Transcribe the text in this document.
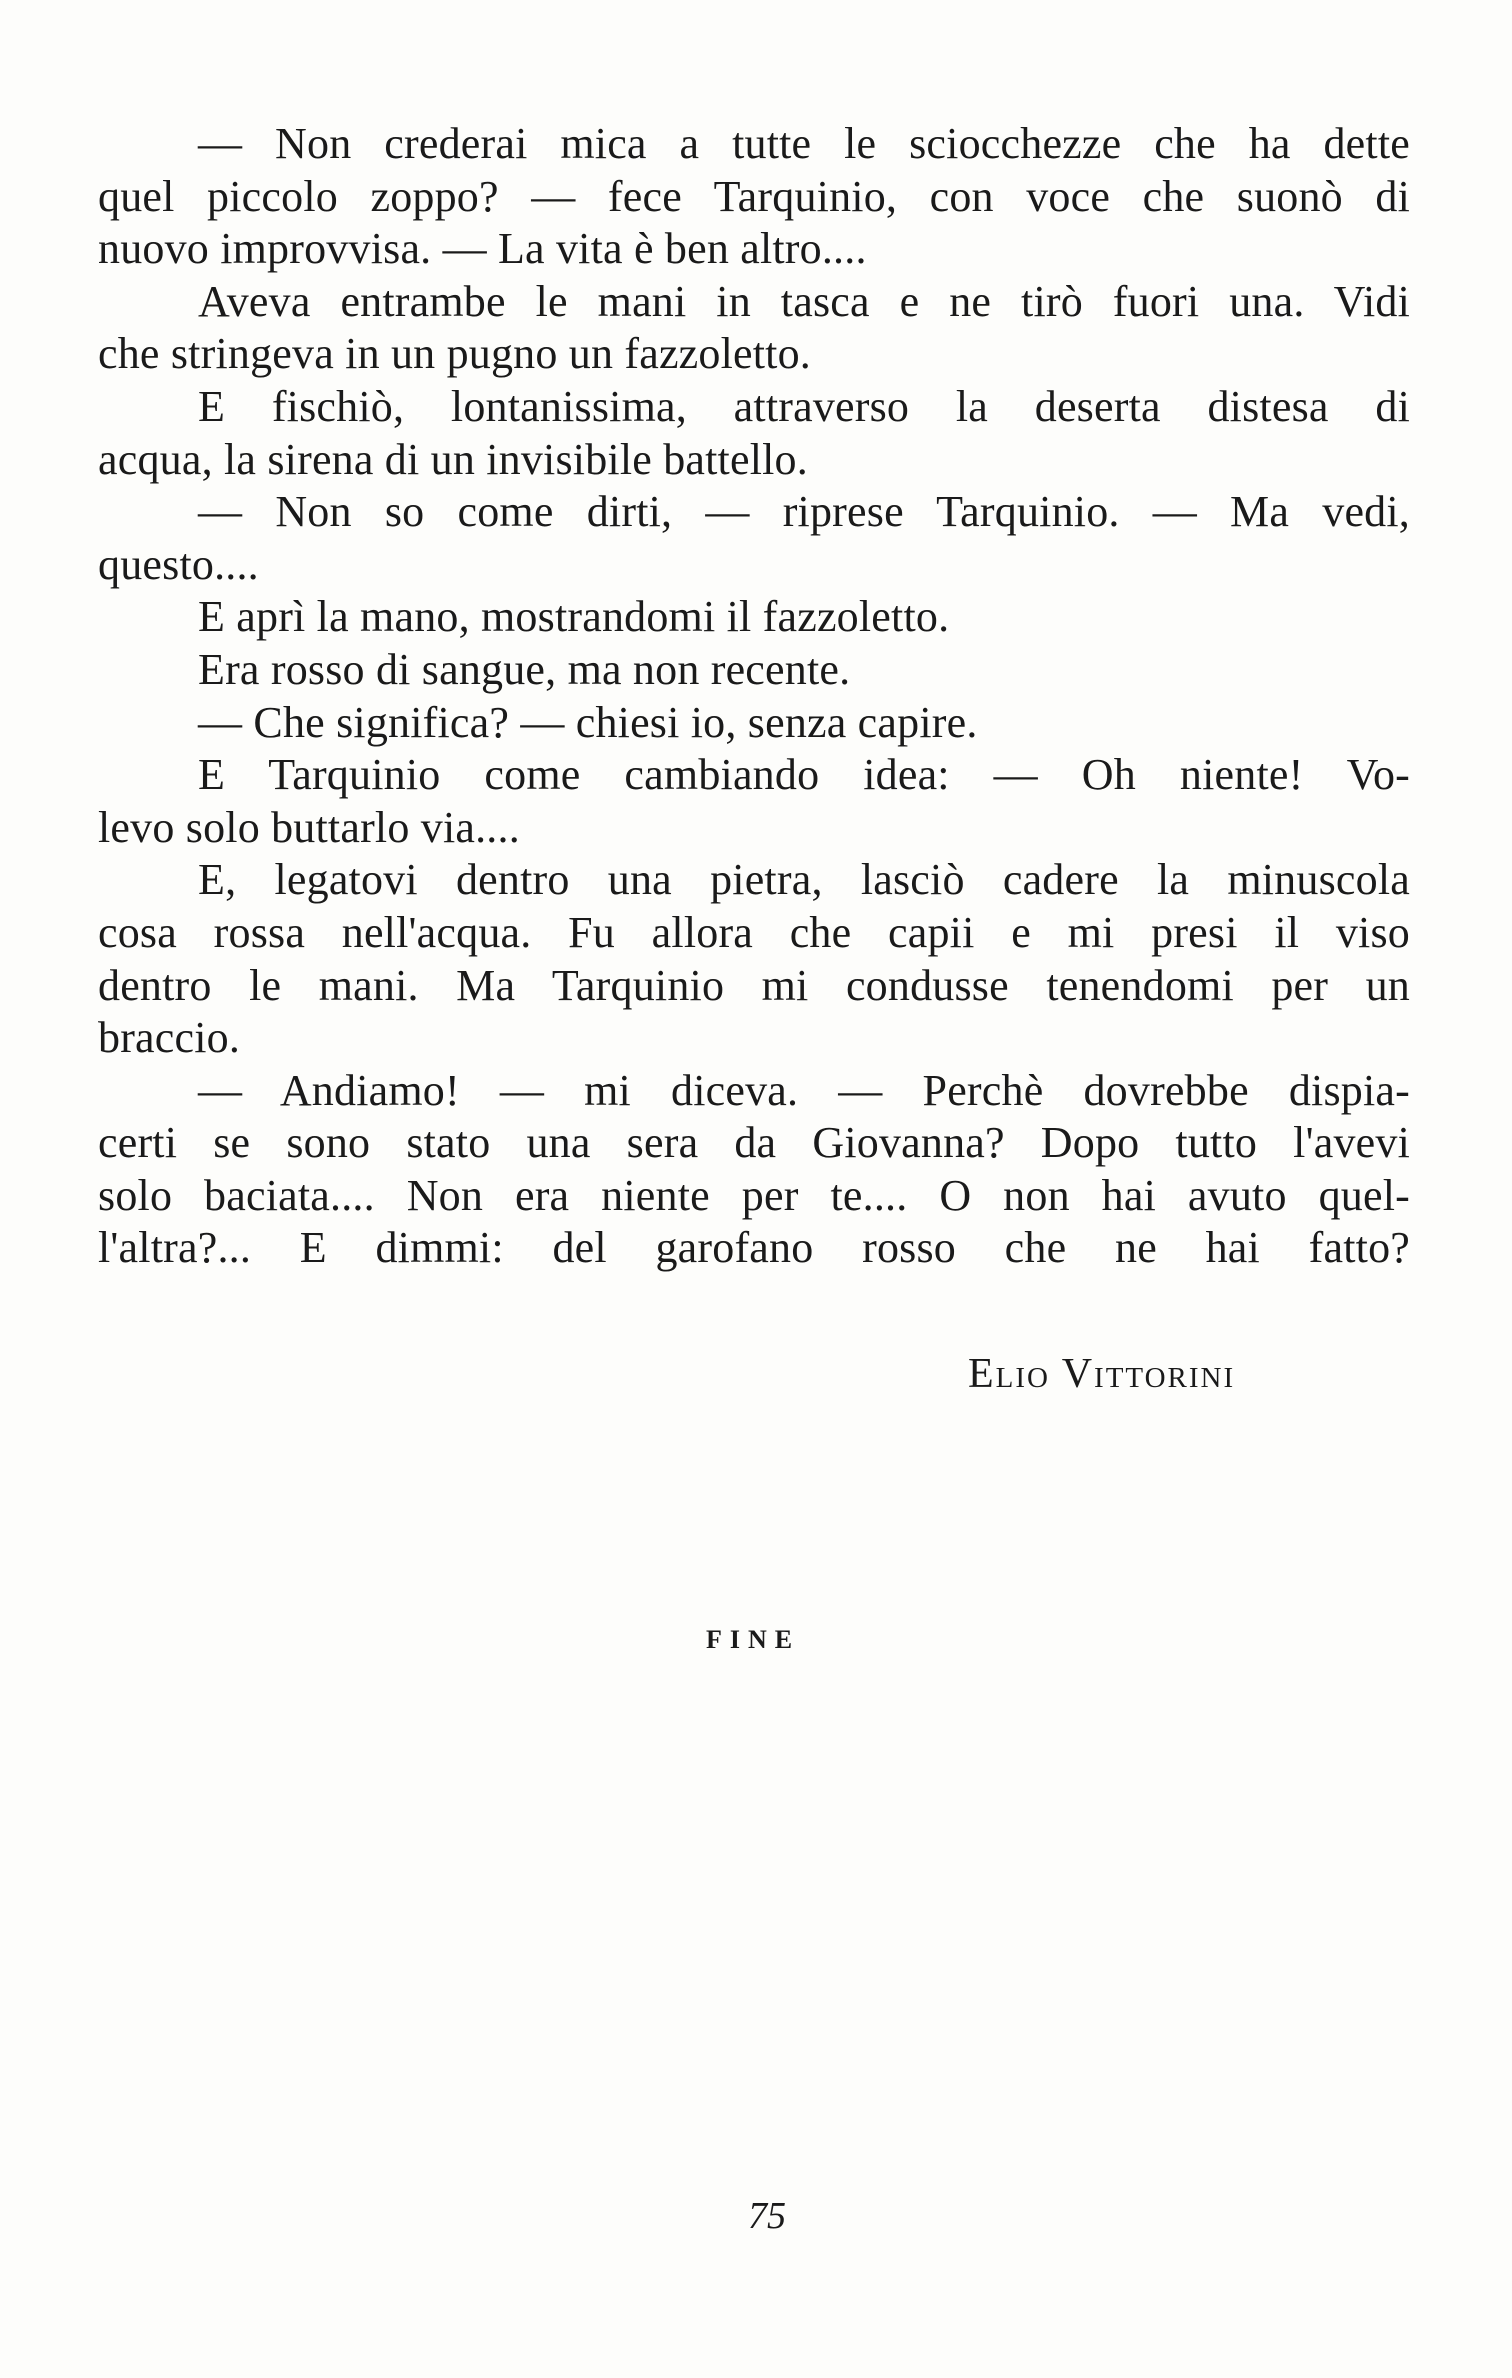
— Non crederai mica a tutte le sciocchezze che ha dette
quel piccolo zoppo? — fece Tarquinio, con voce che suonò di
nuovo improvvisa. — La vita è ben altro....
Aveva entrambe le mani in tasca e ne tirò fuori una. Vidi
che stringeva in un pugno un fazzoletto.
E fischiò, lontanissima, attraverso la deserta distesa di
acqua, la sirena di un invisibile battello.
— Non so come dirti, — riprese Tarquinio. — Ma vedi,
questo....
E aprì la mano, mostrandomi il fazzoletto.
Era rosso di sangue, ma non recente.
— Che significa? — chiesi io, senza capire.
E Tarquinio come cambiando idea: — Oh niente! Vo-
levo solo buttarlo via....
E, legatovi dentro una pietra, lasciò cadere la minuscola
cosa rossa nell'acqua. Fu allora che capii e mi presi il viso
dentro le mani. Ma Tarquinio mi condusse tenendomi per un
braccio.
— Andiamo! — mi diceva. — Perchè dovrebbe dispia-
certi se sono stato una sera da Giovanna? Dopo tutto l'avevi
solo baciata.... Non era niente per te.... O non hai avuto quel-
l'altra?... E dimmi: del garofano rosso che ne hai fatto?
Elio Vittorini
FINE
75
